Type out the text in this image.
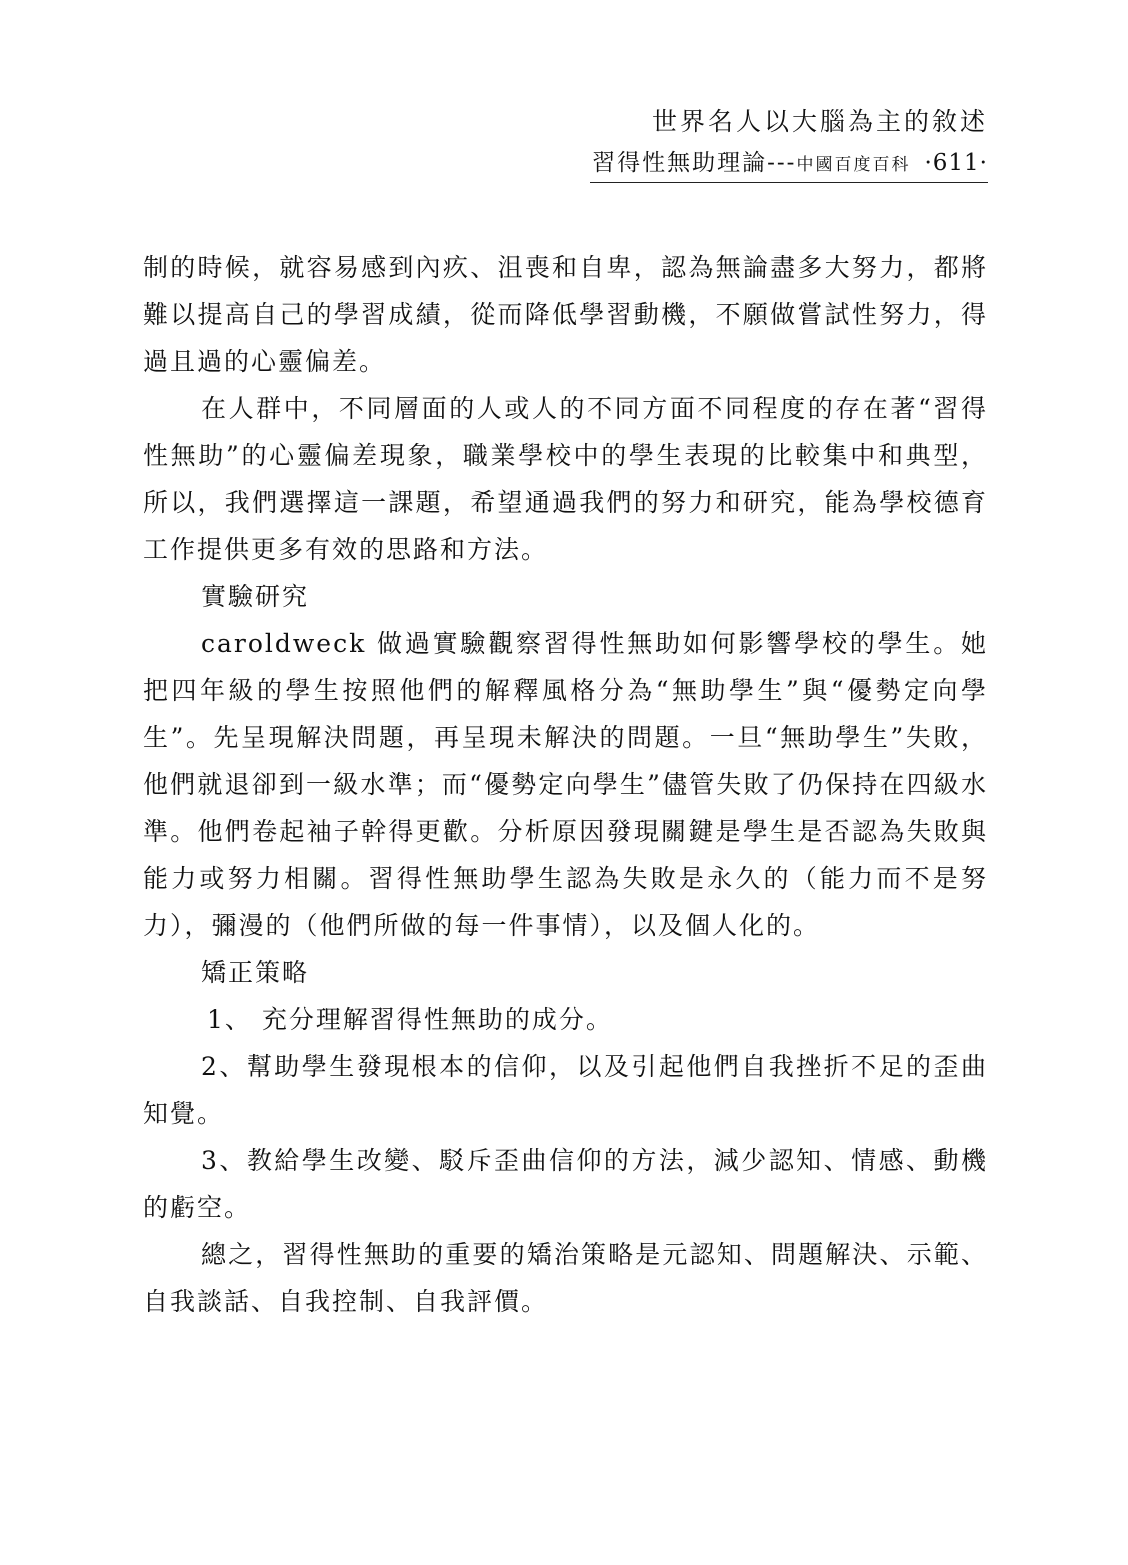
世界名人以大腦為主的敘述
習得性無助理論---中國百度百科 ·611·

制的時候，就容易感到內疚、沮喪和自卑，認為無論盡多大努力，都將難以提高自己的學習成績，從而降低學習動機，不願做嘗試性努力，得過且過的心靈偏差。

在人群中，不同層面的人或人的不同方面不同程度的存在著“習得性無助”的心靈偏差現象，職業學校中的學生表現的比較集中和典型，所以，我們選擇這一課題，希望通過我們的努力和研究，能為學校德育工作提供更多有效的思路和方法。

實驗研究

caroldweck 做過實驗觀察習得性無助如何影響學校的學生。她把四年級的學生按照他們的解釋風格分為“無助學生”與“優勢定向學生”。先呈現解決問題，再呈現未解決的問題。一旦“無助學生”失敗，他們就退卻到一級水準；而“優勢定向學生”儘管失敗了仍保持在四級水準。他們卷起袖子幹得更歡。分析原因發現關鍵是學生是否認為失敗與能力或努力相關。習得性無助學生認為失敗是永久的（能力而不是努力），彌漫的（他們所做的每一件事情），以及個人化的。

矯正策略

1、 充分理解習得性無助的成分。

2、幫助學生發現根本的信仰，以及引起他們自我挫折不足的歪曲知覺。

3、教給學生改變、駁斥歪曲信仰的方法，減少認知、情感、動機的虧空。

總之，習得性無助的重要的矯治策略是元認知、問題解決、示範、自我談話、自我控制、自我評價。
